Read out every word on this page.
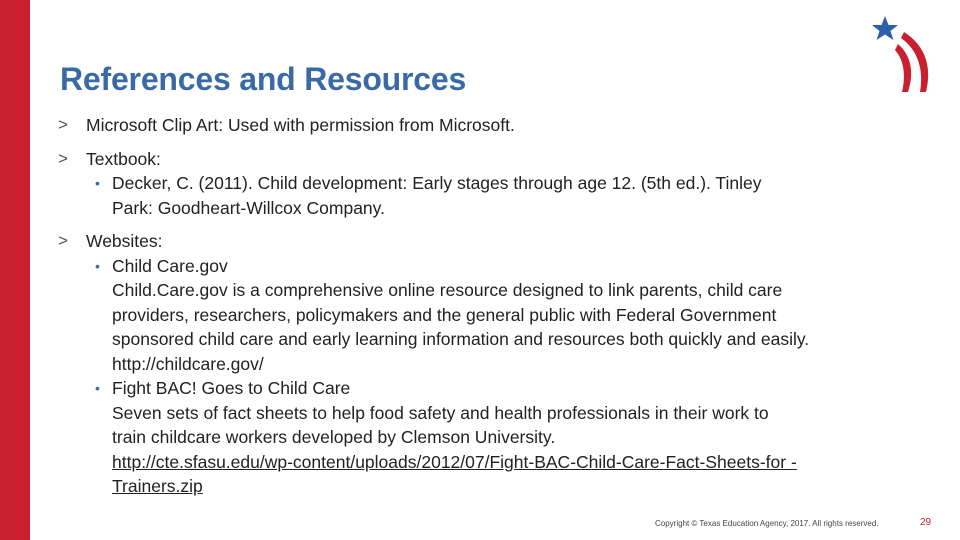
References and Resources
> Microsoft Clip Art: Used with permission from Microsoft.
> Textbook:
• Decker, C. (2011). Child development: Early stages through age 12. (5th ed.). Tinley
Park: Goodheart-Willcox Company.
> Websites:
• Child Care.gov
Child.Care.gov is a comprehensive online resource designed to link parents, child care
providers, researchers, policymakers and the general public with Federal Government
sponsored child care and early learning information and resources both quickly and easily.
http://childcare.gov/
• Fight BAC! Goes to Child Care
Seven sets of fact sheets to help food safety and health professionals in their work to
train childcare workers developed by Clemson University.
http://cte.sfasu.edu/wp-content/uploads/2012/07/Fight-BAC-Child-Care-Fact-Sheets-for -
Trainers.zip
Copyright © Texas Education Agency, 2017. All rights reserved.	29
